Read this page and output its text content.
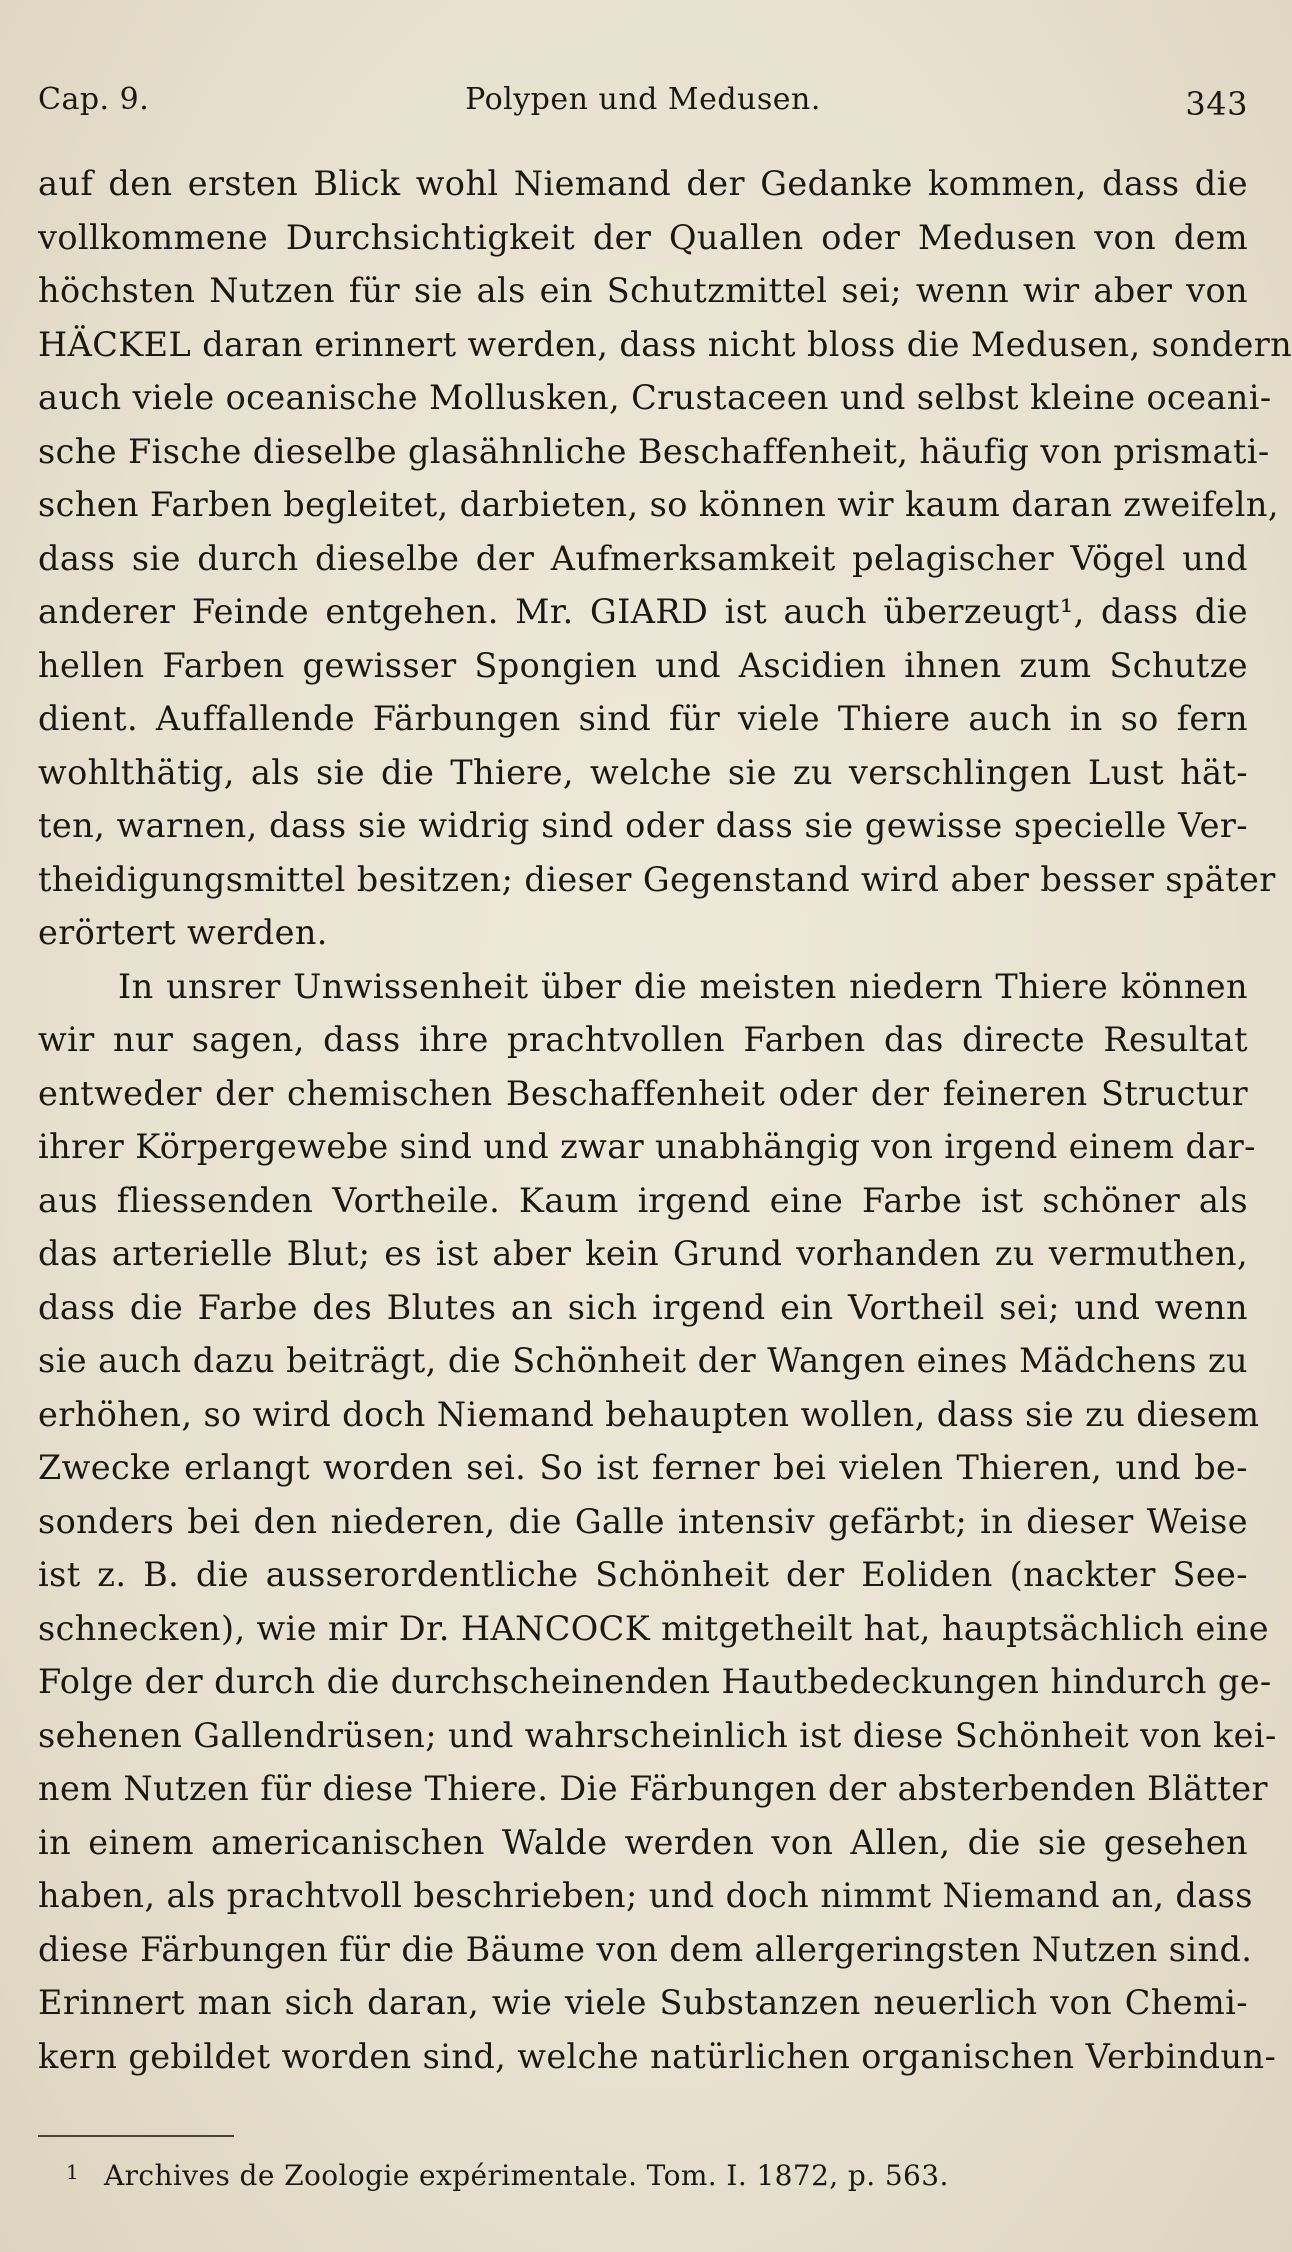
Cap. 9.	Polypen und Medusen.	343
auf den ersten Blick wohl Niemand der Gedanke kommen, dass die
vollkommene Durchsichtigkeit der Quallen oder Medusen von dem
höchsten Nutzen für sie als ein Schutzmittel sei; wenn wir aber von
HÄCKEL daran erinnert werden, dass nicht bloss die Medusen, sondern
auch viele oceanische Mollusken, Crustaceen und selbst kleine oceani-
sche Fische dieselbe glasähnliche Beschaffenheit, häufig von prismati-
schen Farben begleitet, darbieten, so können wir kaum daran zweifeln,
dass sie durch dieselbe der Aufmerksamkeit pelagischer Vögel und
anderer Feinde entgehen. Mr. GIARD ist auch überzeugt¹, dass die
hellen Farben gewisser Spongien und Ascidien ihnen zum Schutze
dient. Auffallende Färbungen sind für viele Thiere auch in so fern
wohlthätig, als sie die Thiere, welche sie zu verschlingen Lust hät-
ten, warnen, dass sie widrig sind oder dass sie gewisse specielle Ver-
theidigungsmittel besitzen; dieser Gegenstand wird aber besser später
erörtert werden.
In unsrer Unwissenheit über die meisten niedern Thiere können
wir nur sagen, dass ihre prachtvollen Farben das directe Resultat
entweder der chemischen Beschaffenheit oder der feineren Structur
ihrer Körpergewebe sind und zwar unabhängig von irgend einem dar-
aus fliessenden Vortheile. Kaum irgend eine Farbe ist schöner als
das arterielle Blut; es ist aber kein Grund vorhanden zu vermuthen,
dass die Farbe des Blutes an sich irgend ein Vortheil sei; und wenn
sie auch dazu beiträgt, die Schönheit der Wangen eines Mädchens zu
erhöhen, so wird doch Niemand behaupten wollen, dass sie zu diesem
Zwecke erlangt worden sei. So ist ferner bei vielen Thieren, und be-
sonders bei den niederen, die Galle intensiv gefärbt; in dieser Weise
ist z. B. die ausserordentliche Schönheit der Eoliden (nackter See-
schnecken), wie mir Dr. HANCOCK mitgetheilt hat, hauptsächlich eine
Folge der durch die durchscheinenden Hautbedeckungen hindurch ge-
sehenen Gallendrüsen; und wahrscheinlich ist diese Schönheit von kei-
nem Nutzen für diese Thiere. Die Färbungen der absterbenden Blätter
in einem americanischen Walde werden von Allen, die sie gesehen
haben, als prachtvoll beschrieben; und doch nimmt Niemand an, dass
diese Färbungen für die Bäume von dem allergeringsten Nutzen sind.
Erinnert man sich daran, wie viele Substanzen neuerlich von Chemi-
kern gebildet worden sind, welche natürlichen organischen Verbindun-
1 Archives de Zoologie expérimentale. Tom. I. 1872, p. 563.
